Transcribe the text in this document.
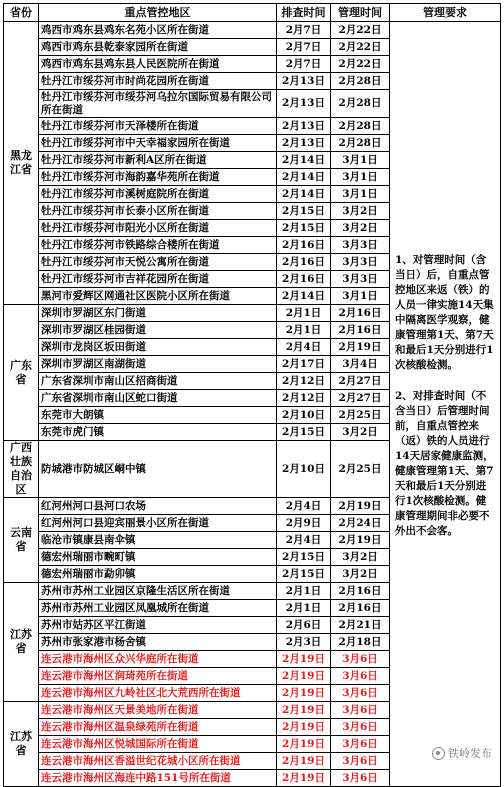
省份	重点管控地区	排查时间	管理时间	管理要求
黑龙江省	鸡西市鸡东县鸡东名苑小区所在街道	2月7日	2月22日	1、对管理时间（含当日）后，自重点管控地区来返（铁）的人员一律实施14天集中隔离医学观察，健康管理第1天、第7天和最后1天分别进行1次核酸检测。

2、对排查时间（不含当日）后管理时间前，自重点管控来（返）铁的人员进行14天居家健康监测，健康管理第1天、第7天和最后1天分别进行1次核酸检测。健康管理期间非必要不外出不会客。

	鸡西市鸡东县乾泰家园所在街道	2月7日	2月22日	
	鸡西市鸡东县鸡东县人民医院所在街道	2月7日	2月22日	
	牡丹江市绥芬河市时尚花园所在街道	2月13日	2月28日	
	牡丹江市绥芬河市绥芬河乌拉尔国际贸易有限公司所在街道	2月13日	2月28日	
	牡丹江市绥芬河市天泽楼所在街道	2月13日	2月28日	
	牡丹江市绥芬河市中天幸福家园所在街道	2月13日	2月28日	
	牡丹江市绥芬河市新利A区所在街道	2月14日	3月1日	
	牡丹江市绥芬河市海韵嘉华苑所在街道	2月14日	3月1日	
	牡丹江市绥芬河市溪树庭院所在街道	2月14日	3月1日	
	牡丹江市绥芬河市长泰小区所在街道	2月15日	3月2日	
	牡丹江市绥芬河市阳光小区所在街道	2月15日	3月2日	
	牡丹江市绥芬河市铁路综合楼所在街道	2月16日	3月3日	
	牡丹江市绥芬河市天悦公寓所在街道	2月16日	3月3日	
	牡丹江市绥芬河市吉祥花园所在街道	2月16日	3月3日	
	黑河市爱辉区网通社区医院小区所在街道	2月14日	3月1日	
广东省	深圳市罗湖区东门街道	2月1日	2月16日	
	深圳市罗湖区桂园街道	2月1日	2月16日	
	深圳市龙岗区坂田街道	2月4日	2月19日	
	深圳市罗湖区南湖街道	2月17日	3月4日	
	广东省深圳市南山区招商街道	2月12日	2月27日	
	广东省深圳市南山区蛇口街道	2月12日	2月27日	
	东莞市大朗镇	2月10日	2月25日	
	东莞市虎门镇	2月15日	3月2日	
广西壮族自治区	防城港市防城区峒中镇	2月10日	2月25日	
云南省	红河州河口县河口农场	2月4日	2月19日	
	红河州河口县迎宾丽景小区所在街道	2月9日	2月24日	
	临沧市镇康县南伞镇	2月4日	2月19日	
	德宏州瑞丽市畹町镇	2月15日	3月2日	
	德宏州瑞丽市勐卯镇	2月15日	3月2日	
江苏省	苏州市苏州工业园区京隆生活区所在街道	2月1日	2月16日	
	苏州市苏州工业园区凤凰城所在街道	2月1日	2月16日	
	苏州市姑苏区平江街道	2月6日	2月21日	
	苏州市张家港市杨舍镇	2月3日	2月18日	
	连云港市海州区众兴华庭所在街道	2月19日	3月6日	
	连云港市海州区润琦苑所在街道	2月19日	3月6日	
	连云港市海州区九岭社区北大荒西所在街道	2月19日	3月6日	
江苏省	连云港市海州区天景美地所在街道	2月19日	3月6日	
	连云港市海州区温泉绿苑所在街道	2月19日	3月6日	
	连云港市海州区悦城国际所在街道	2月19日	3月6日	
	连云港市海州区香溢世纪花城小区所在街道	2月19日	3月6日	
	连云港市海州区海连中路151号所在街道	2月19日	3月6日	
铁岭发布
